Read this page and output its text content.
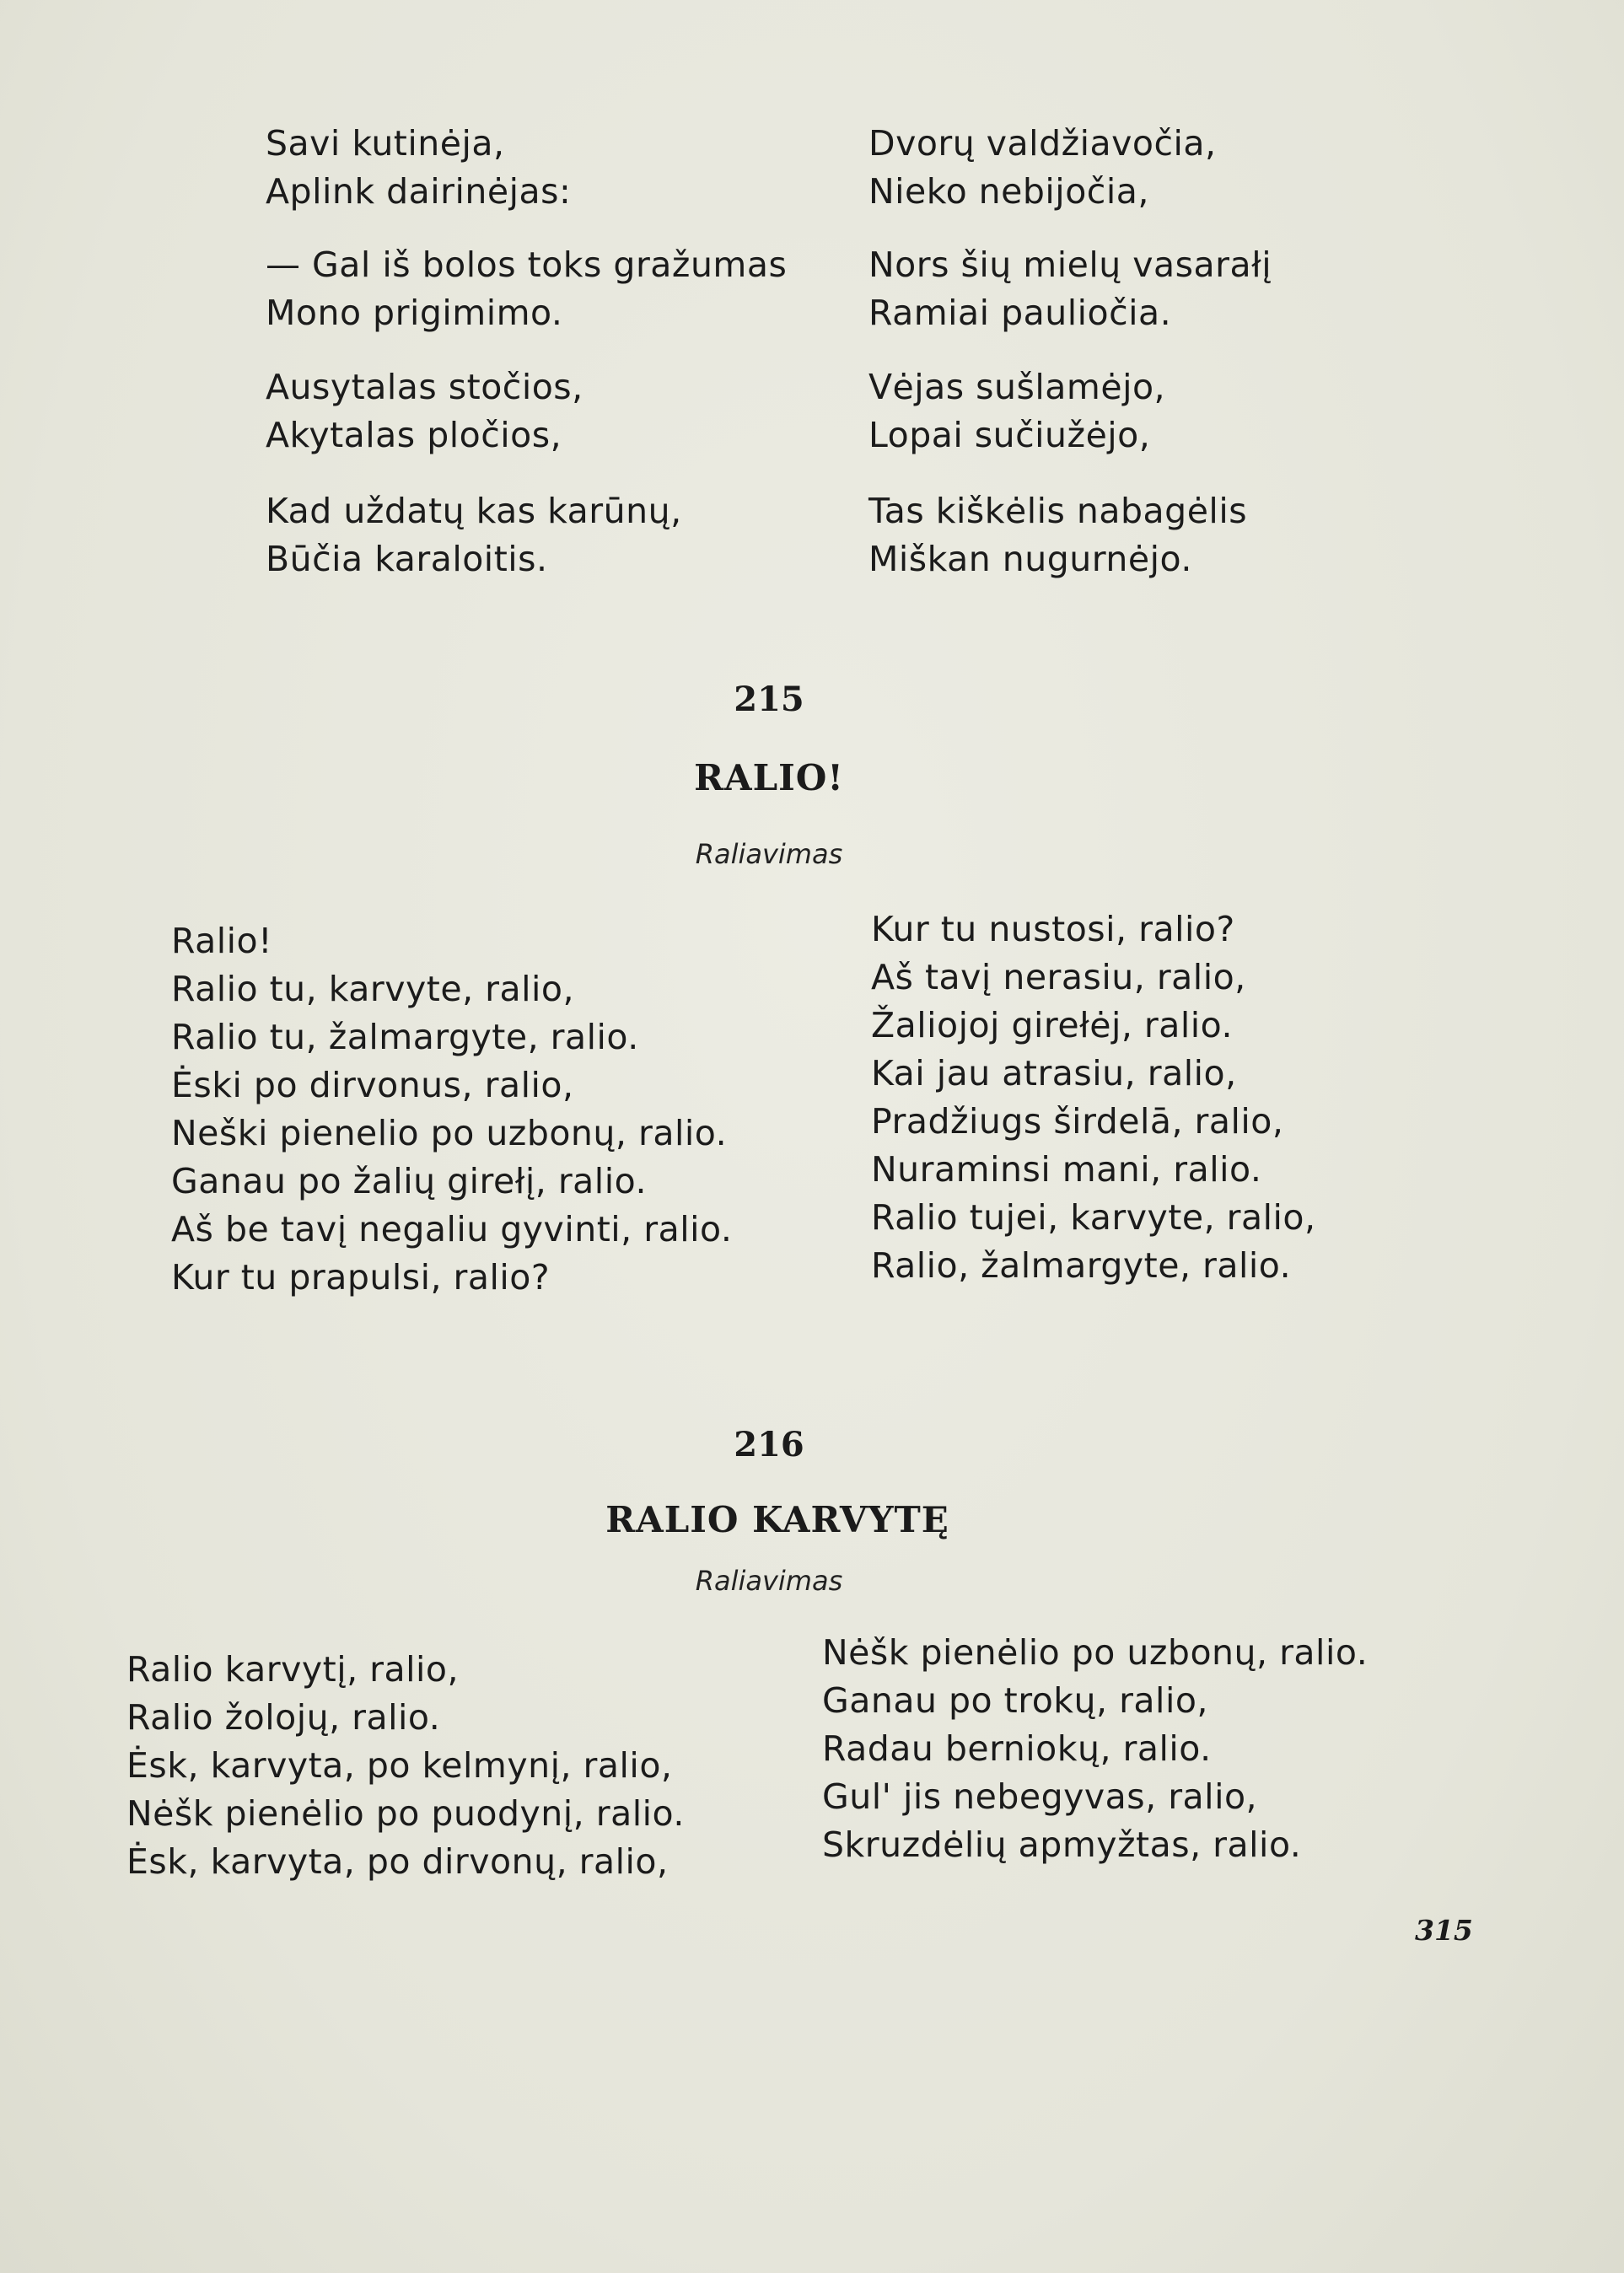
Savi kutinėja,
Aplink dairinėjas:
— Gal iš bolos toks gražumas
Mono prigimimo.
Ausytalas stočios,
Akytalas pločios,
Kad uždatų kas karūnų,
Būčia karaloitis.
Dvorų valdžiavočia,
Nieko nebijočia,
Nors šių mielų vasarałį
Ramiai pauliočia.
Vėjas sušlamėjo,
Lopai sučiužėjo,
Tas kiškėlis nabagėlis
Miškan nugurnėjo.
215
RALIO!
Raliavimas
Ralio!
Ralio tu, karvyte, ralio,
Ralio tu, žalmargyte, ralio.
Ėski po dirvonus, ralio,
Neški pienelio po uzbonų, ralio.
Ganau po žalių girełį, ralio.
Aš be tavį negaliu gyvinti, ralio.
Kur tu prapulsi, ralio?
Kur tu nustosi, ralio?
Aš tavį nerasiu, ralio,
Žaliojoj girełėj, ralio.
Kai jau atrasiu, ralio,
Pradžiugs širdelā, ralio,
Nuraminsi mani, ralio.
Ralio tujei, karvyte, ralio,
Ralio, žalmargyte, ralio.
216
RALIO KARVYTĘ
Raliavimas
Ralio karvytį, ralio,
Ralio žolojų, ralio.
Ėsk, karvyta, po kelmynį, ralio,
Nėšk pienėlio po puodynį, ralio.
Ėsk, karvyta, po dirvonų, ralio,
Nėšk pienėlio po uzbonų, ralio.
Ganau po trokų, ralio,
Radau berniokų, ralio.
Gul' jis nebegyvas, ralio,
Skruzdėlių apmyžtas, ralio.
315
